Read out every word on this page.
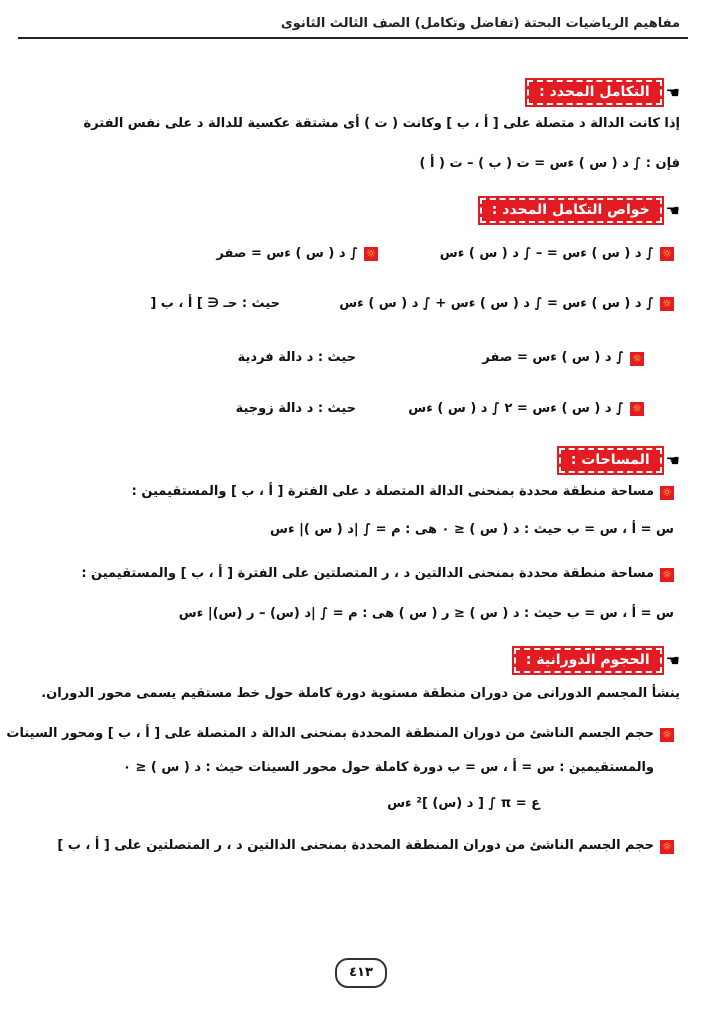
مفاهيم الرياضيات البحتة (تفاضل وتكامل) الصف الثالث الثانوى
☚
التكامل المحدد :
إذا كانت الدالة د متصلة على [ أ ، ب ] وكانت ( ت ) أى مشتقة عكسية للدالة د على نفس الفترة
فإن : ∫ د ( س ) ءس = ت ( ب ) – ت ( أ )
☚
خواص التكامل المحدد :
☼
∫ د ( س ) ءس = صفر	☼
∫ د ( س ) ءس = – ∫ د ( س ) ءس
☼
∫ د ( س ) ءس = ∫ د ( س ) ءس + ∫ د ( س ) ءس
حيث : حـ ∈ ] أ ، ب [
☼
∫ د ( س ) ءس = صفر
حيث : د دالة فردية
☼
∫ د ( س ) ءس = ٢ ∫ د ( س ) ءس
حيث : د دالة زوجية
☚
المساحات :
☼
مساحة منطقة محددة بمنحنى الدالة المتصلة د على الفترة [ أ ، ب ] والمستقيمين :
س = أ ، س = ب حيث : د ( س ) ≤ ٠ هى : م = ∫ |د ( س )| ءس
☼
مساحة منطقة محددة بمنحنى الدالتين د ، ر المتصلتين على الفترة [ أ ، ب ] والمستقيمين :
س = أ ، س = ب حيث : د ( س ) ≤ ر ( س ) هى : م = ∫ |د (س) – ر (س)| ءس
☚
الحجوم الدورانية :
ينشأ المجسم الدورانى من دوران منطقة مستوية دورة كاملة حول خط مستقيم يسمى محور الدوران.
☼
حجم الجسم الناشئ من دوران المنطقة المحددة بمنحنى الدالة د المتصلة على [ أ ، ب ] ومحور السينات
والمستقيمين : س = أ ، س = ب دورة كاملة حول محور السينات حيث : د ( س ) ≤ ٠
ع = π ∫ [ د (س) ]² ءس
☼
حجم الجسم الناشئ من دوران المنطقة المحددة بمنحنى الدالتين د ، ر المتصلتين على [ أ ، ب ]
٤١٣
